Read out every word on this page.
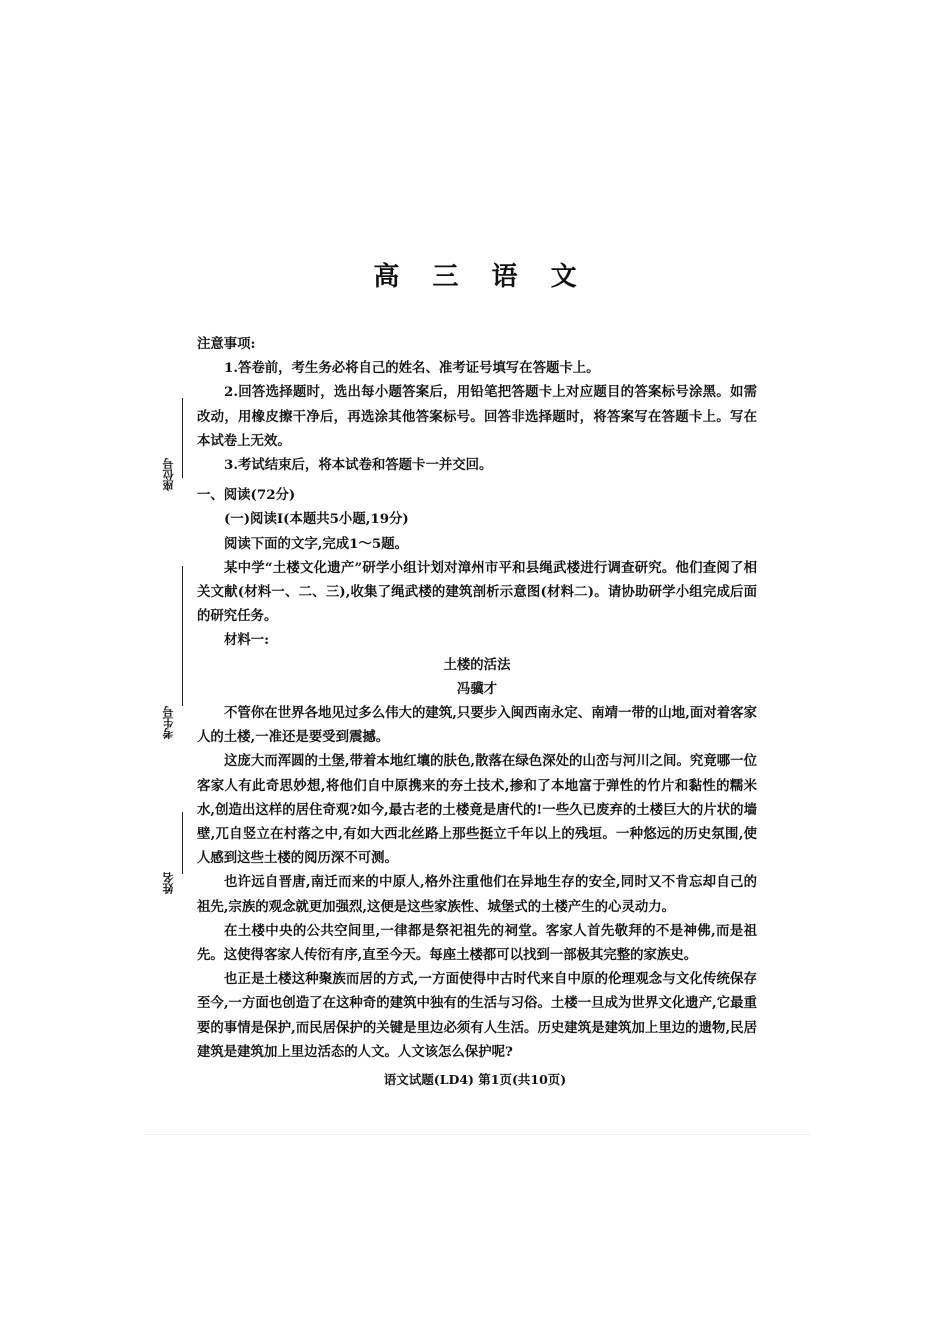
座位号
考生号
姓名
高 三 语 文

注意事项:

1.答卷前，考生务必将自己的姓名、准考证号填写在答题卡上。

2.回答选择题时，选出每小题答案后，用铅笔把答题卡上对应题目的答案标号涂黑。如需改动，用橡皮擦干净后，再选涂其他答案标号。回答非选择题时，将答案写在答题卡上。写在本试卷上无效。

3.考试结束后，将本试卷和答题卡一并交回。

一、阅读(72分)

(一)阅读Ⅰ(本题共5小题,19分)

阅读下面的文字,完成1～5题。

某中学“土楼文化遗产”研学小组计划对漳州市平和县绳武楼进行调查研究。他们查阅了相关文献(材料一、二、三),收集了绳武楼的建筑剖析示意图(材料二)。请协助研学小组完成后面的研究任务。

材料一:

土楼的活法

冯骥才

不管你在世界各地见过多么伟大的建筑,只要步入闽西南永定、南靖一带的山地,面对着客家人的土楼,一准还是要受到震撼。

这庞大而浑圆的土堡,带着本地红壤的肤色,散落在绿色深处的山峦与河川之间。究竟哪一位客家人有此奇思妙想,将他们自中原携来的夯土技术,掺和了本地富于弹性的竹片和黏性的糯米水,创造出这样的居住奇观?如今,最古老的土楼竟是唐代的!一些久已废弃的土楼巨大的片状的墙壁,兀自竖立在村落之中,有如大西北丝路上那些挺立千年以上的残垣。一种悠远的历史氛围,使人感到这些土楼的阅历深不可测。

也许远自晋唐,南迁而来的中原人,格外注重他们在异地生存的安全,同时又不肯忘却自己的祖先,宗族的观念就更加强烈,这便是这些家族性、城堡式的土楼产生的心灵动力。

在土楼中央的公共空间里,一律都是祭祀祖先的祠堂。客家人首先敬拜的不是神佛,而是祖先。这使得客家人传衍有序,直至今天。每座土楼都可以找到一部极其完整的家族史。

也正是土楼这种聚族而居的方式,一方面使得中古时代来自中原的伦理观念与文化传统保存至今,一方面也创造了在这种奇的建筑中独有的生活与习俗。土楼一旦成为世界文化遗产,它最重要的事情是保护,而民居保护的关键是里边必须有人生活。历史建筑是建筑加上里边的遗物,民居建筑是建筑加上里边活态的人文。人文该怎么保护呢?

语文试题(LD4) 第1页(共10页)
